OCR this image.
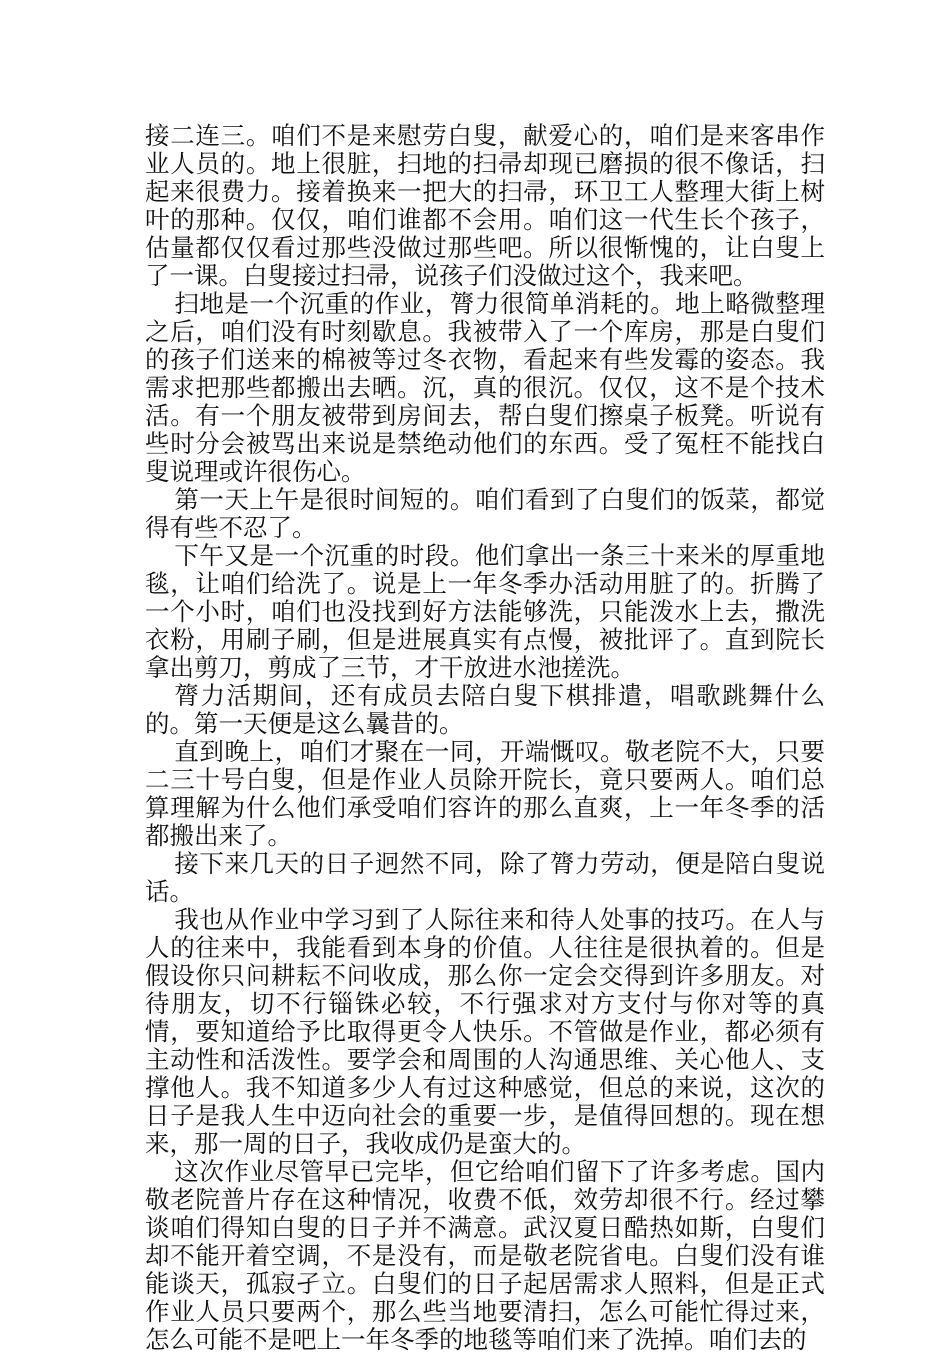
接二连三。咱们不是来慰劳白叟，献爱心的，咱们是来客串作业人员的。地上很脏，扫地的扫帚却现已磨损的很不像话，扫起来很费力。接着换来一把大的扫帚，环卫工人整理大街上树叶的那种。仅仅，咱们谁都不会用。咱们这一代生长个孩子，估量都仅仅看过那些没做过那些吧。所以很惭愧的，让白叟上了一课。白叟接过扫帚，说孩子们没做过这个，我来吧。

扫地是一个沉重的作业，膂力很简单消耗的。地上略微整理之后，咱们没有时刻歇息。我被带入了一个库房，那是白叟们的孩子们送来的棉被等过冬衣物，看起来有些发霉的姿态。我需求把那些都搬出去晒。沉，真的很沉。仅仅，这不是个技术活。有一个朋友被带到房间去，帮白叟们擦桌子板凳。听说有些时分会被骂出来说是禁绝动他们的东西。受了冤枉不能找白叟说理或许很伤心。

第一天上午是很时间短的。咱们看到了白叟们的饭菜，都觉得有些不忍了。

下午又是一个沉重的时段。他们拿出一条三十来米的厚重地毯，让咱们给洗了。说是上一年冬季办活动用脏了的。折腾了一个小时，咱们也没找到好方法能够洗，只能泼水上去，撒洗衣粉，用刷子刷，但是进展真实有点慢，被批评了。直到院长拿出剪刀，剪成了三节，才干放进水池搓洗。

膂力活期间，还有成员去陪白叟下棋排遣，唱歌跳舞什么的。第一天便是这么曩昔的。

直到晚上，咱们才聚在一同，开端慨叹。敬老院不大，只要二三十号白叟，但是作业人员除开院长，竟只要两人。咱们总算理解为什么他们承受咱们容许的那么直爽，上一年冬季的活都搬出来了。

接下来几天的日子迥然不同，除了膂力劳动，便是陪白叟说话。

我也从作业中学习到了人际往来和待人处事的技巧。在人与人的往来中，我能看到本身的价值。人往往是很执着的。但是假设你只问耕耘不问收成，那么你一定会交得到许多朋友。对待朋友，切不行锱铢必较，不行强求对方支付与你对等的真情，要知道给予比取得更令人快乐。不管做是作业，都必须有主动性和活泼性。要学会和周围的人沟通思维、关心他人、支撑他人。我不知道多少人有过这种感觉，但总的来说，这次的日子是我人生中迈向社会的重要一步，是值得回想的。现在想来，那一周的日子，我收成仍是蛮大的。

这次作业尽管早已完毕，但它给咱们留下了许多考虑。国内敬老院普片存在这种情况，收费不低，效劳却很不行。经过攀谈咱们得知白叟的日子并不满意。武汉夏日酷热如斯，白叟们却不能开着空调，不是没有，而是敬老院省电。白叟们没有谁能谈天，孤寂孑立。白叟们的日子起居需求人照料，但是正式作业人员只要两个，那么些当地要清扫，怎么可能忙得过来，怎么可能不是吧上一年冬季的地毯等咱们来了洗掉。咱们去的
